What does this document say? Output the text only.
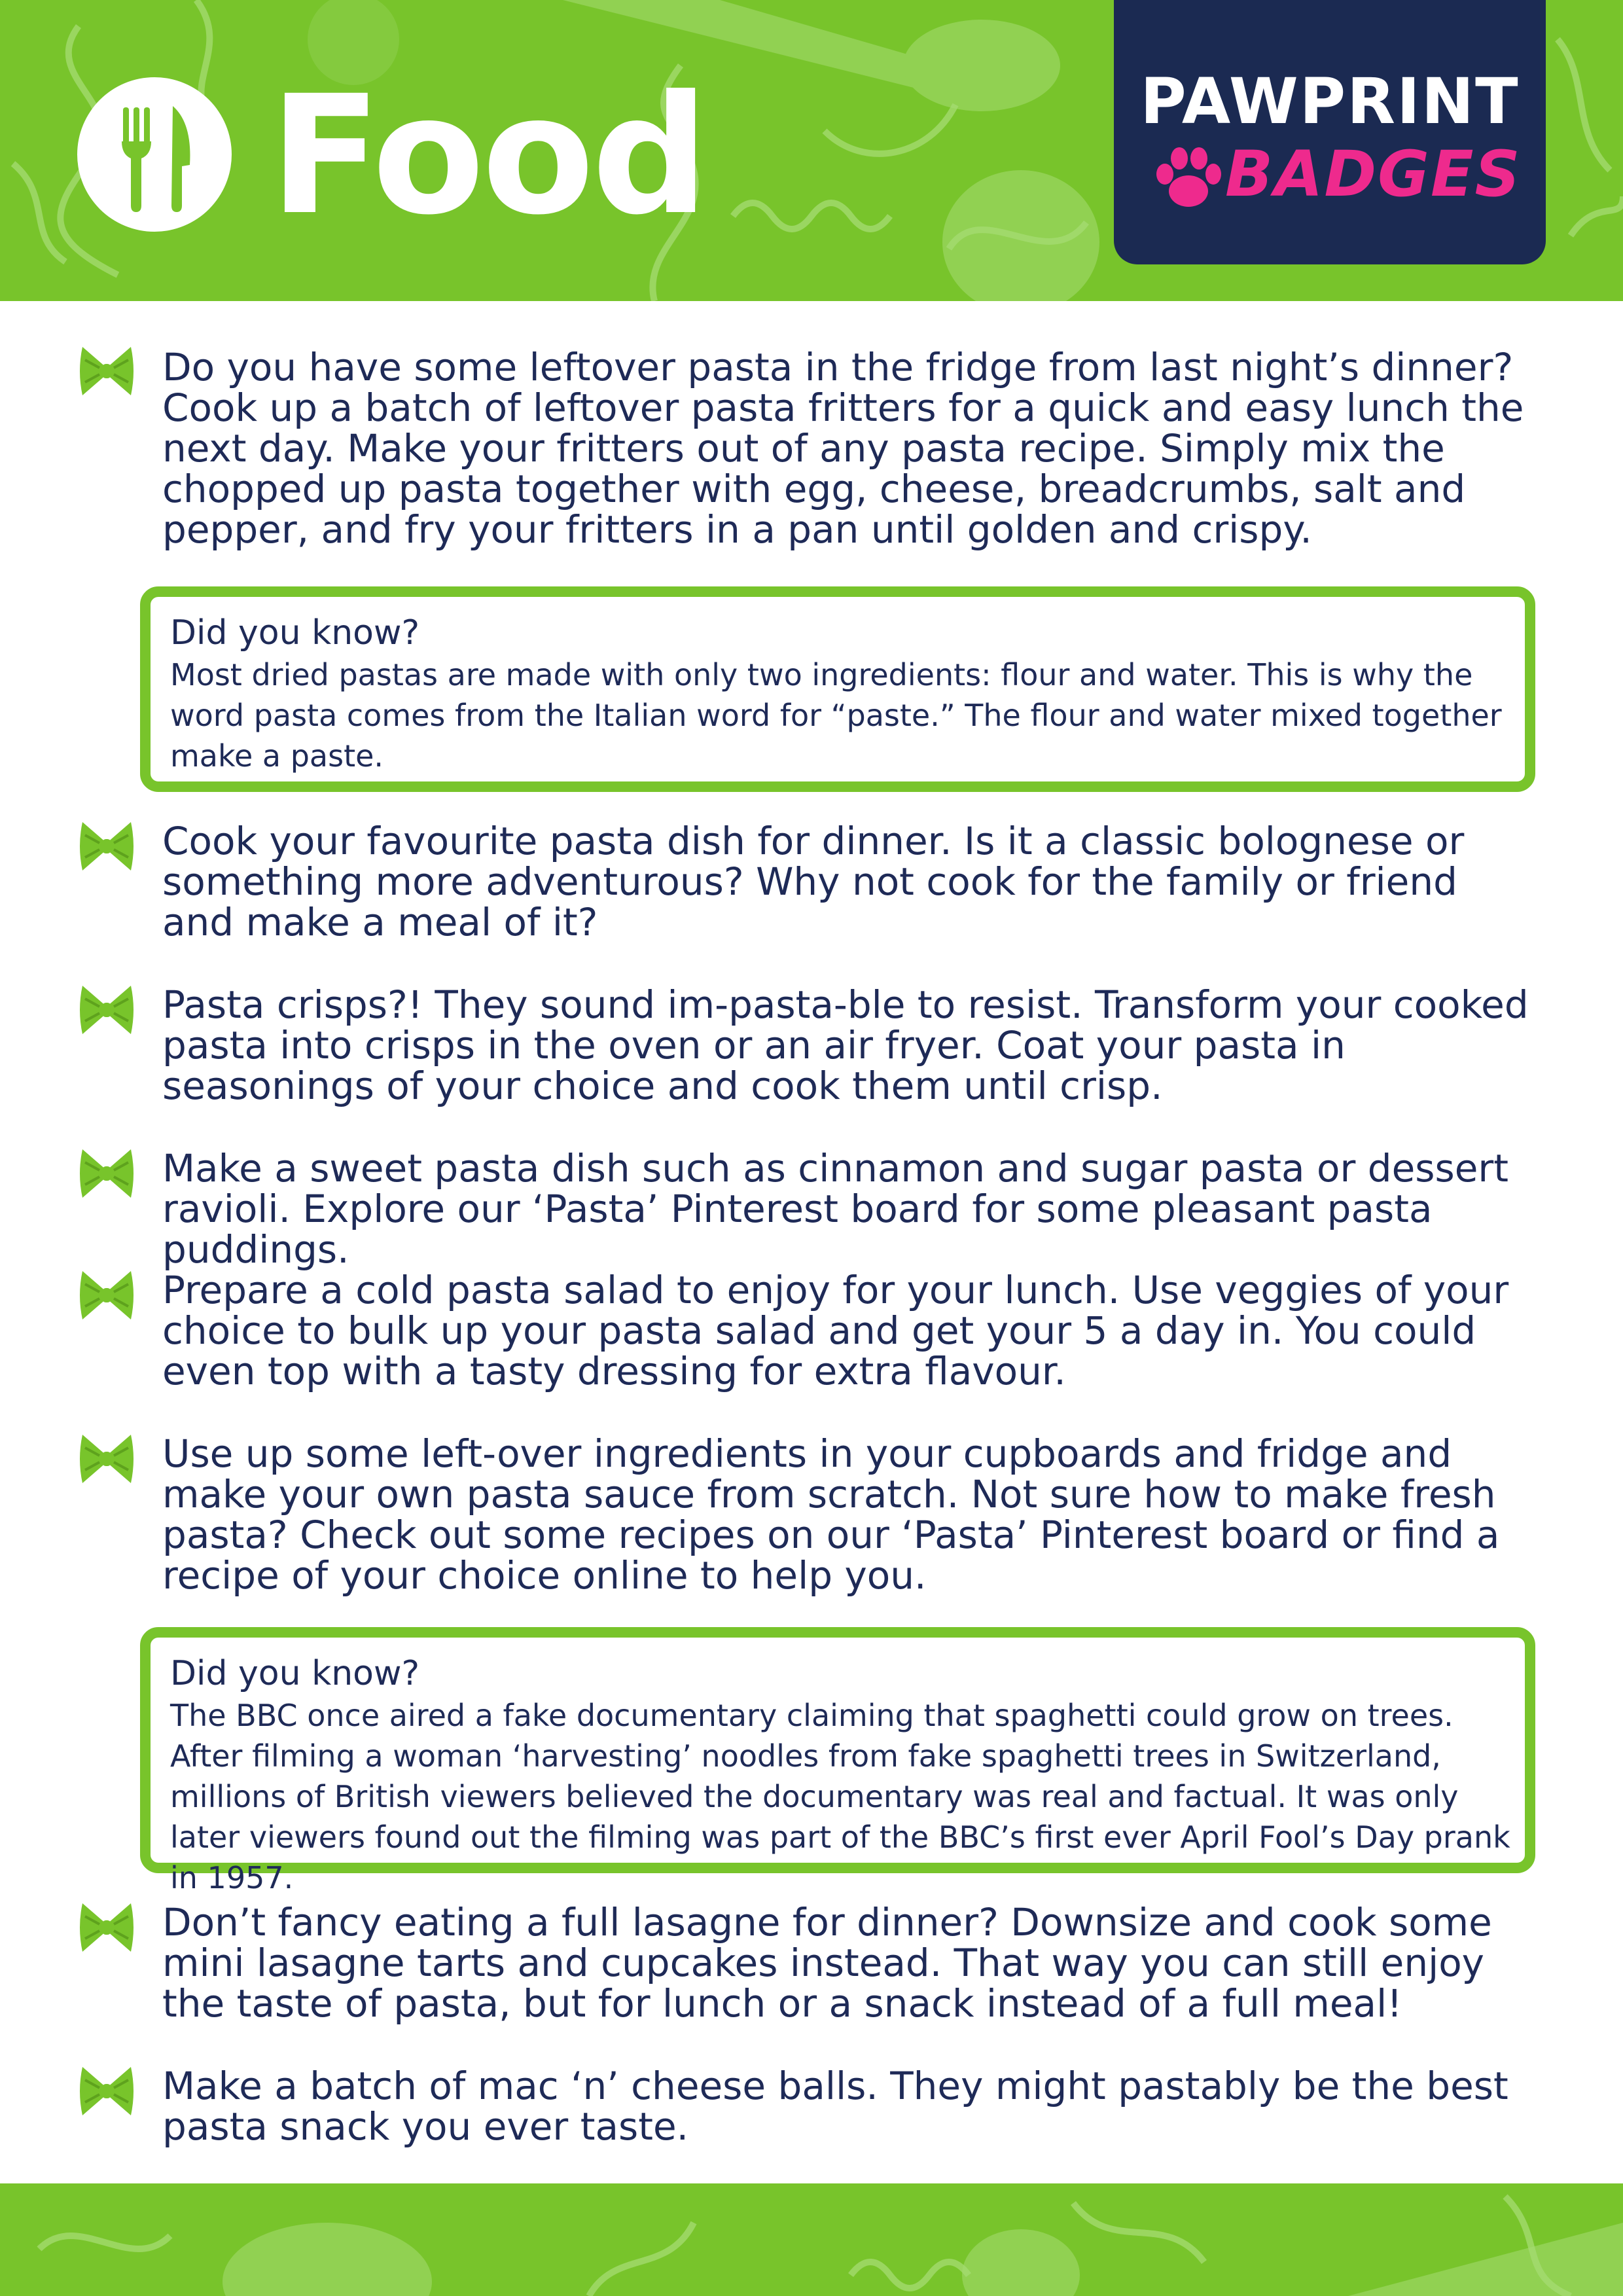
Food	PAWPRINT
BADGES
Do you have some leftover pasta in the fridge from last night’s dinner? Cook up a batch of leftover pasta fritters for a quick and easy lunch the next day. Make your fritters out of any pasta recipe. Simply mix the chopped up pasta together with egg, cheese, breadcrumbs, salt and pepper, and fry your fritters in a pan until golden and crispy.
Did you know?
Most dried pastas are made with only two ingredients: flour and water. This is why the word pasta comes from the Italian word for “paste.” The flour and water mixed together make a paste.
Cook your favourite pasta dish for dinner. Is it a classic bolognese or something more adventurous? Why not cook for the family or friend and make a meal of it?
Pasta crisps?! They sound im-pasta-ble to resist. Transform your cooked pasta into crisps in the oven or an air fryer. Coat your pasta in seasonings of your choice and cook them until crisp.
Make a sweet pasta dish such as cinnamon and sugar pasta or dessert ravioli. Explore our ‘Pasta’ Pinterest board for some pleasant pasta puddings.
Prepare a cold pasta salad to enjoy for your lunch. Use veggies of your choice to bulk up your pasta salad and get your 5 a day in. You could even top with a tasty dressing for extra flavour.
Use up some left-over ingredients in your cupboards and fridge and make your own pasta sauce from scratch. Not sure how to make fresh pasta? Check out some recipes on our ‘Pasta’ Pinterest board or find a recipe of your choice online to help you.
Did you know?
The BBC once aired a fake documentary claiming that spaghetti could grow on trees. After filming a woman ‘harvesting’ noodles from fake spaghetti trees in Switzerland, millions of British viewers believed the documentary was real and factual. It was only later viewers found out the filming was part of the BBC’s first ever April Fool’s Day prank in 1957.
Don’t fancy eating a full lasagne for dinner? Downsize and cook some mini lasagne tarts and cupcakes instead. That way you can still enjoy the taste of pasta, but for lunch or a snack instead of a full meal!
Make a batch of mac ‘n’ cheese balls. They might pastably be the best pasta snack you ever taste.
